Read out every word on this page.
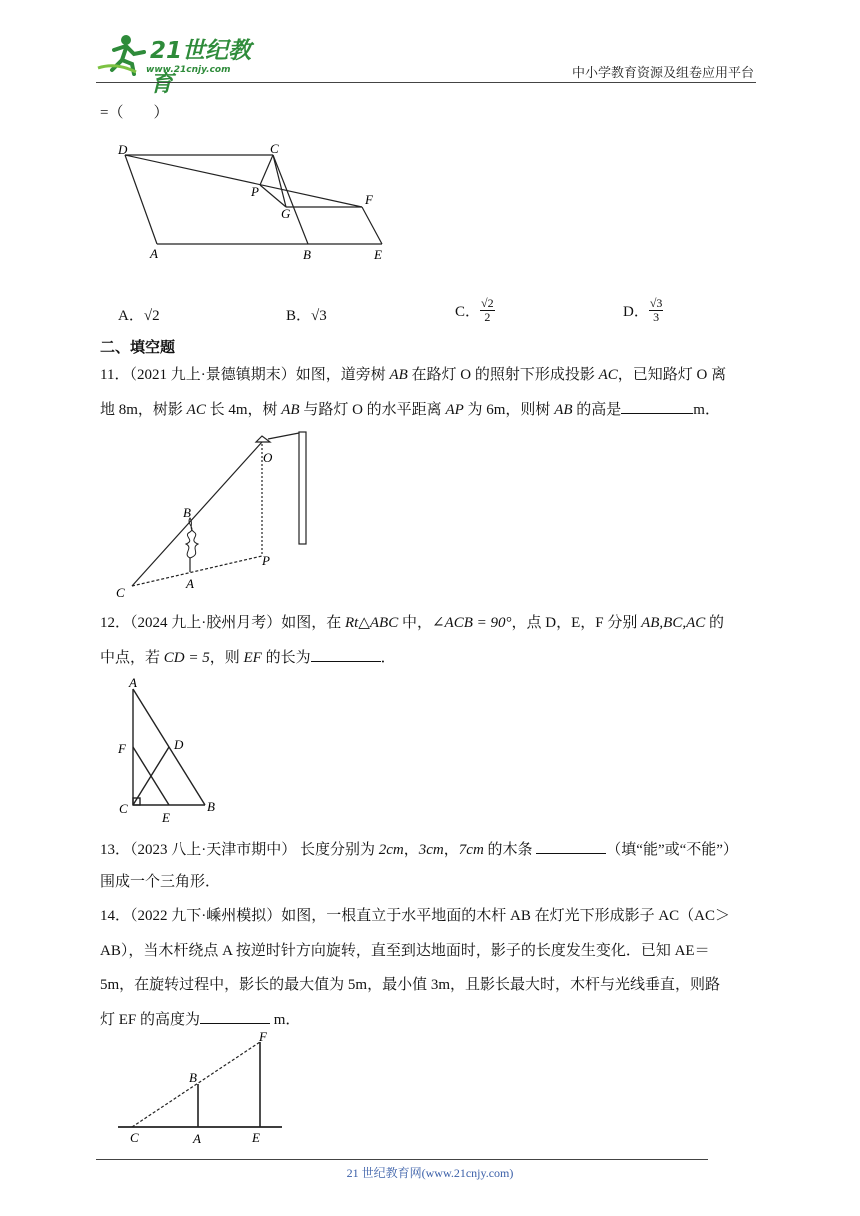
21世纪教育
www.21cnjy.com	中小学教育资源及组卷应用平台
=（　　）
D	C
P
F
G
A	B	E
A．√2	B．√3	C． $\frac{√2}{2}$	D． $\frac{√3}{3}$
二、填空题
11．（2021 九上·景德镇期末）如图，道旁树 AB 在路灯 O 的照射下形成投影 AC，已知路灯 O 离
地 8m，树影 AC 长 4m，树 AB 与路灯 O 的水平距离 AP 为 6m，则树 AB 的高是	m．
O
B
P
A
C
12．（2024 九上·胶州月考）如图，在 Rt△ABC 中，∠ACB = 90°，点 D，E，F 分别 AB,BC,AC 的
中点，若 CD = 5，则 EF 的长为	．
A
F	D
C
E
B
13．（2023 八上·天津市期中） 长度分别为 2cm，3cm，7cm 的木条	（填“能”或“不能”）
围成一个三角形．
14．（2022 九下·嵊州模拟）如图，一根直立于水平地面的木杆 AB 在灯光下形成影子 AC（AC＞
AB），当木杆绕点 A 按逆时针方向旋转，直至到达地面时，影子的长度发生变化．已知 AE＝
5m，在旋转过程中，影长的最大值为 5m，最小值 3m，且影长最大时，木杆与光线垂直，则路
灯 EF 的高度为	m．
F
B
C	A	E
21 世纪教育网(www.21cnjy.com)
